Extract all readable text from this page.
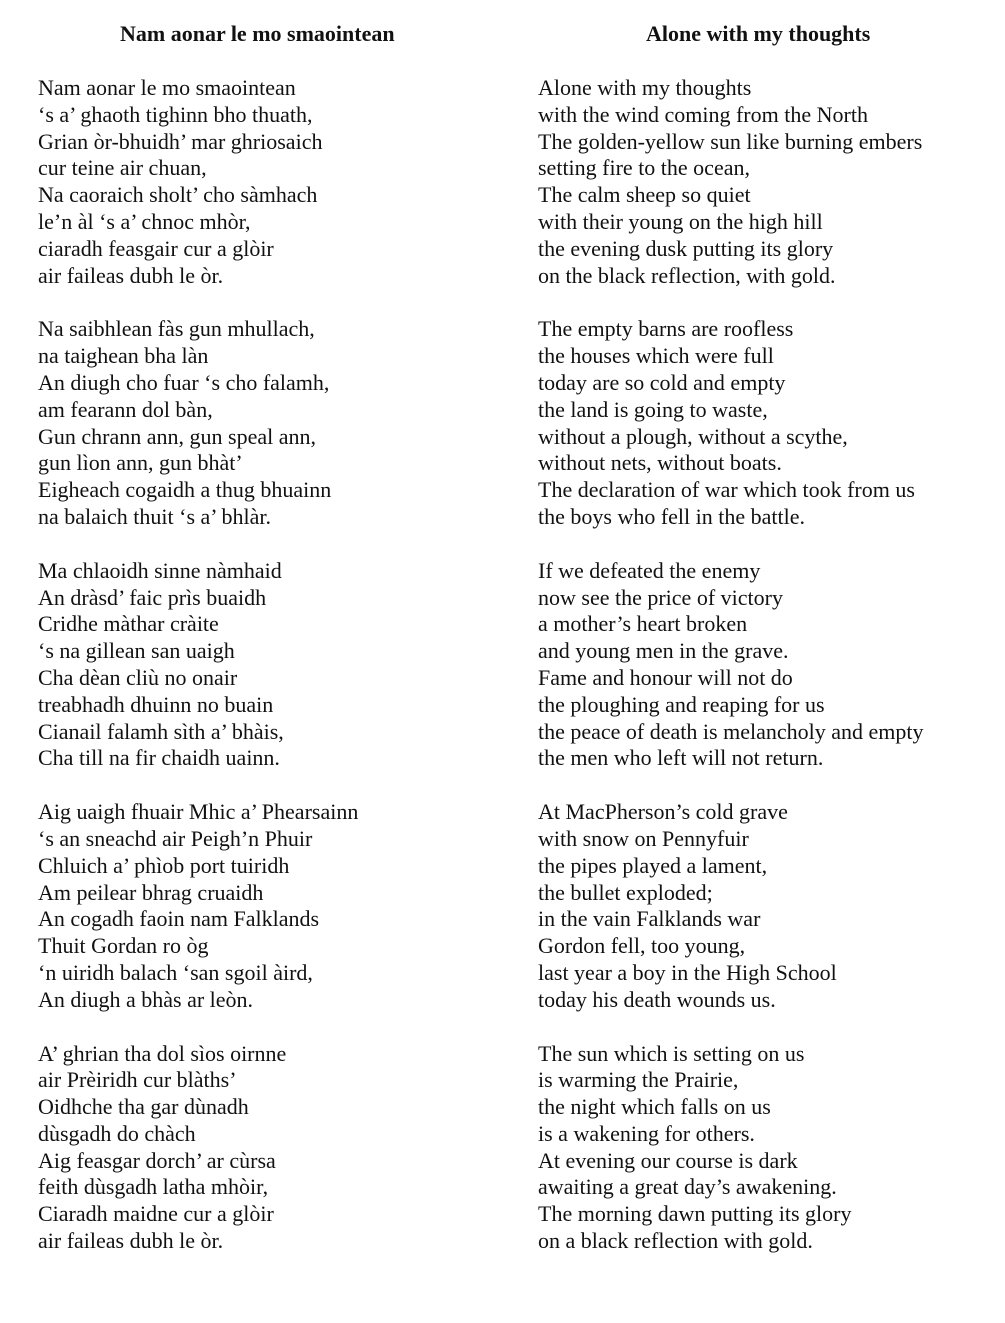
Nam aonar le mo smaointean

Nam aonar le mo smaointean
‘s a’ ghaoth tighinn bho thuath,
Grian òr-bhuidh’ mar ghriosaich
cur teine air chuan,
Na caoraich sholt’ cho sàmhach
le’n àl ‘s a’ chnoc mhòr,
ciaradh feasgair cur a glòir
air faileas dubh le òr.

Na saibhlean fàs gun mhullach,
na taighean bha làn
An diugh cho fuar ‘s cho falamh,
am fearann dol bàn,
Gun chrann ann, gun speal ann,
gun lìon ann, gun bhàt’
Eigheach cogaidh a thug bhuainn
na balaich thuit ‘s a’ bhlàr.

Ma chlaoidh sinne nàmhaid
An dràsd’ faic prìs buaidh
Cridhe màthar cràite
‘s na gillean san uaigh
Cha dèan cliù no onair
treabhadh dhuinn no buain
Cianail falamh sìth a’ bhàis,
Cha till na fir chaidh uainn.

Aig uaigh fhuair Mhic a’ Phearsainn
‘s an sneachd air Peigh’n Phuir
Chluich a’ phìob port tuiridh
Am peilear bhrag cruaidh
An cogadh faoin nam Falklands
Thuit Gordan ro òg
‘n uiridh balach ‘san sgoil àird,
An diugh a bhàs ar leòn.

A’ ghrian tha dol sìos oirnne
air Prèiridh cur blàths’
Oidhche tha gar dùnadh
dùsgadh do chàch
Aig feasgar dorch’ ar cùrsa
feith dùsgadh latha mhòir,
Ciaradh maidne cur a glòir
air faileas dubh le òr.

Alone with my thoughts

Alone with my thoughts
with the wind coming from the North
The golden-yellow sun like burning embers
setting fire to the ocean,
The calm sheep so quiet
with their young on the high hill
the evening dusk putting its glory
on the black reflection, with gold.

The empty barns are roofless
the houses which were full
today are so cold and empty
the land is going to waste,
without a plough, without a scythe,
without nets, without boats.
The declaration of war which took from us
the boys who fell in the battle.

If we defeated the enemy
now see the price of victory
a mother’s heart broken
and young men in the grave.
Fame and honour will not do
the ploughing and reaping for us
the peace of death is melancholy and empty
the men who left will not return.

At MacPherson’s cold grave
with snow on Pennyfuir
the pipes played a lament,
the bullet exploded;
in the vain Falklands war
Gordon fell, too young,
last year a boy in the High School
today his death wounds us.

The sun which is setting on us
is warming the Prairie,
the night which falls on us
is a wakening for others.
At evening our course is dark
awaiting a great day’s awakening.
The morning dawn putting its glory
on a black reflection with gold.
